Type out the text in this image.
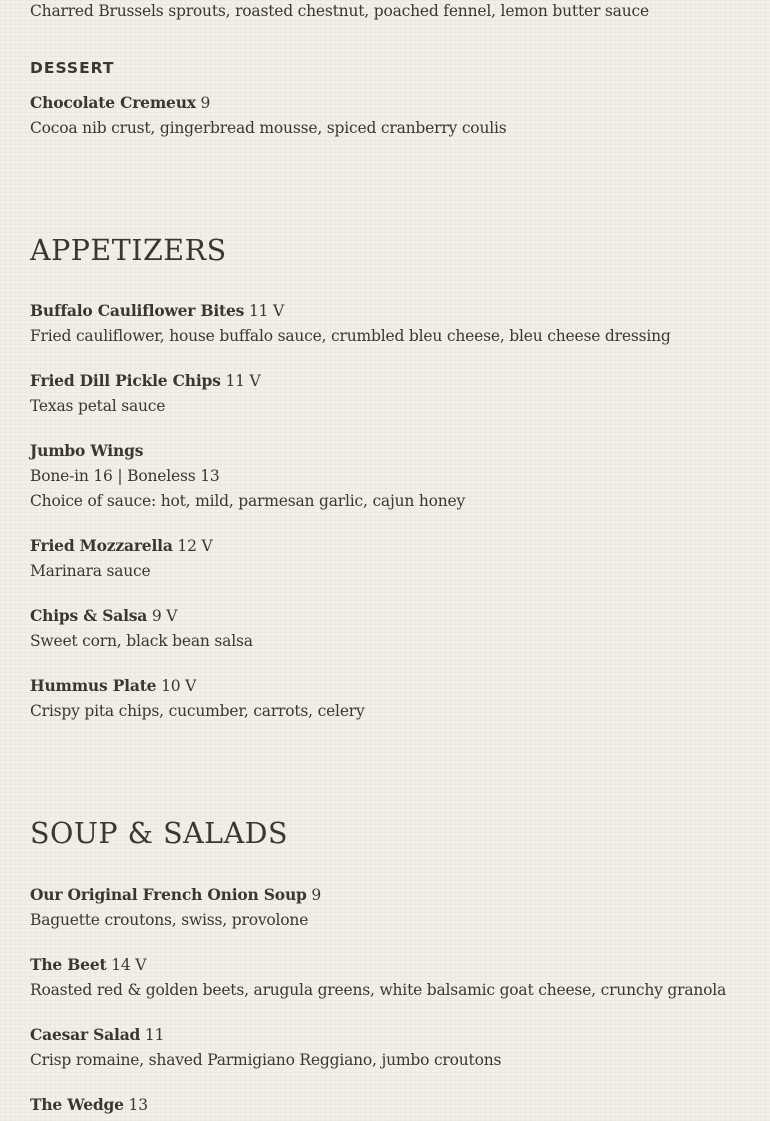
Charred Brussels sprouts, roasted chestnut, poached fennel, lemon butter sauce
DESSERT
Chocolate Cremeux 9
Cocoa nib crust, gingerbread mousse, spiced cranberry coulis
APPETIZERS
Buffalo Cauliflower Bites 11 V
Fried cauliflower, house buffalo sauce, crumbled bleu cheese, bleu cheese dressing
Fried Dill Pickle Chips 11 V
Texas petal sauce
Jumbo Wings
Bone-in 16 | Boneless 13
Choice of sauce: hot, mild, parmesan garlic, cajun honey
Fried Mozzarella 12 V
Marinara sauce
Chips & Salsa 9 V
Sweet corn, black bean salsa
Hummus Plate 10 V
Crispy pita chips, cucumber, carrots, celery
SOUP & SALADS
Our Original French Onion Soup 9
Baguette croutons, swiss, provolone
The Beet 14 V
Roasted red & golden beets, arugula greens, white balsamic goat cheese, crunchy granola
Caesar Salad 11
Crisp romaine, shaved Parmigiano Reggiano, jumbo croutons
The Wedge 13
